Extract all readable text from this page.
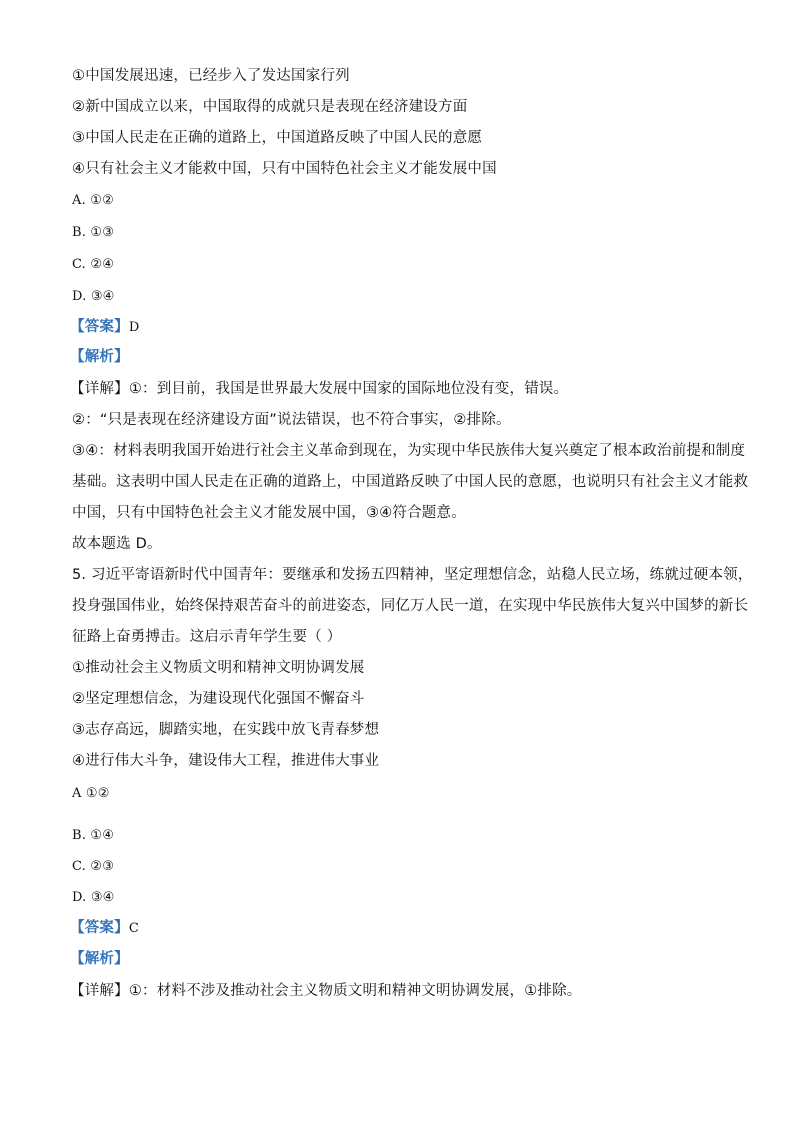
①中国发展迅速，已经步入了发达国家行列
②新中国成立以来，中国取得的成就只是表现在经济建设方面
③中国人民走在正确的道路上，中国道路反映了中国人民的意愿
④只有社会主义才能救中国，只有中国特色社会主义才能发展中国
A. ①②
B. ①③
C. ②④
D. ③④
【答案】D
【解析】
【详解】①：到目前，我国是世界最大发展中国家的国际地位没有变，错误。
②：“只是表现在经济建设方面”说法错误，也不符合事实，②排除。
③④：材料表明我国开始进行社会主义革命到现在，为实现中华民族伟大复兴奠定了根本政治前提和制度
基础。这表明中国人民走在正确的道路上，中国道路反映了中国人民的意愿，也说明只有社会主义才能救
中国，只有中国特色社会主义才能发展中国，③④符合题意。
故本题选 D。
5. 习近平寄语新时代中国青年：要继承和发扬五四精神，坚定理想信念，站稳人民立场，练就过硬本领，
投身强国伟业，始终保持艰苦奋斗的前进姿态，同亿万人民一道，在实现中华民族伟大复兴中国梦的新长
征路上奋勇搏击。这启示青年学生要（ ）
①推动社会主义物质文明和精神文明协调发展
②坚定理想信念，为建设现代化强国不懈奋斗
③志存高远，脚踏实地，在实践中放飞青春梦想
④进行伟大斗争，建设伟大工程，推进伟大事业
A ①②
B. ①④
C. ②③
D. ③④
【答案】C
【解析】
【详解】①：材料不涉及推动社会主义物质文明和精神文明协调发展，①排除。
